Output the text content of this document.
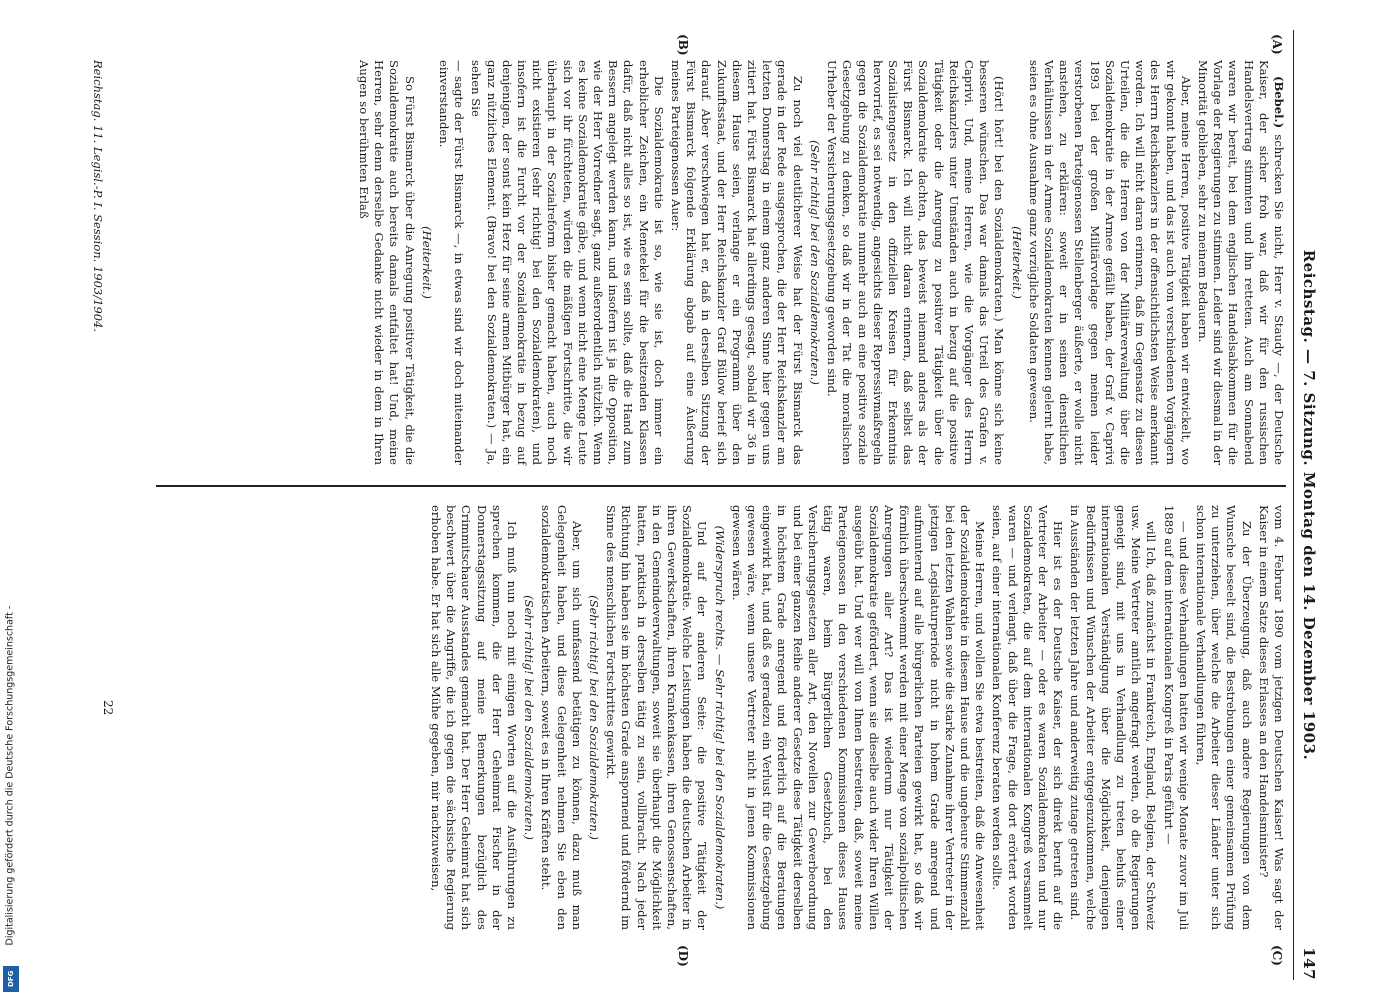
Digitalisierung gefördert durch die Deutsche Forschungsgemeinschaft -
DFG
Reichstag. — 7. Sitzung. Montag den 14. Dezember 1903.
147
(A)
(B)
(C)
(D)

(Bebel.) schrecken Sie nicht, Herr v. Staudy —, der Deutsche Kaiser, der sicher froh war, daß wir für den russischen Handelsvertrag stimmten und ihn retteten. Auch am Sonnabend waren wir bereit, bei dem englischen Handelsabkommen für die Vorlage der Regierungen zu stimmen. Leider sind wir diesmal in der Minorität geblieben, sehr zu meinem Bedauern.

Aber, meine Herren, positive Tätigkeit haben wir entwickelt, wo wir gekonnt haben, und das ist auch von verschiedenen Vorgängern des Herrn Reichskanzlers in der offensichtlichsten Weise anerkannt worden. Ich will nicht daran erinnern, daß im Gegensatz zu diesen Urteilen, die die Herren von der Militärverwaltung über die Sozialdemokratie in der Armee gefällt haben, der Graf v. Caprivi 1893 bei der großen Militärvorlage gegen meinen leider verstorbenen Parteigenossen Stellenberger äußerte, er wolle nicht anstehen, zu erklären: soweit er in seinen dienstlichen Verhältnissen in der Armee Sozialdemokraten kennen gelernt habe, seien es ohne Ausnahme ganz vorzügliche Soldaten gewesen.

(Heiterkeit.)

(Hört! hört! bei den Sozialdemokraten.) Man könne sich keine besseren wünschen. Das war damals das Urteil des Grafen v. Caprivi. Und, meine Herren, wie die Vorgänger des Herrn Reichskanzlers unter Umständen auch in bezug auf die positive Tätigkeit oder die Anregung zu positiver Tätigkeit über die Sozialdemokratie dachten, das beweist niemand anders als der Fürst Bismarck. Ich will nicht daran erinnern, daß selbst das Sozialistengesetz in den offiziellen Kreisen für Erkenntnis hervorrief, es sei notwendig, angesichts dieser Repressivmaßregeln gegen die Sozialdemokratie nunmehr auch an eine positive soziale Gesetzgebung zu denken, so daß wir in der Tat die moralischen Urheber der Versicherungsgesetzgebung geworden sind.

(Sehr richtig! bei den Sozialdemokraten.)

Zu noch viel deutlicherer Weise hat der Fürst Bismarck das gerade in der Rede ausgesprochen, die der Herr Reichskanzler am letzten Donnerstag in einem ganz anderen Sinne hier gegen uns zitiert hat. Fürst Bismarck hat allerdings gesagt, sobald wir 36 in diesem Hause seien, verlange er ein Programm über den Zukunftsstaat, und der Herr Reichskanzler Graf Bülow berief sich darauf. Aber verschwiegen hat er, daß in derselben Sitzung der Fürst Bismarck folgende Erklärung abgab auf eine Äußerung meines Parteigenossen Auer:

Die Sozialdemokratie ist so, wie sie ist, doch immer ein erheblicher Zeichen, ein Menetekel für die besitzenden Klassen dafür, daß nicht alles so ist, wie es sein sollte, daß die Hand zum Bessern angelegt werden kann, und insofern ist ja die Opposition, wie der Herr Vorredner sagt, ganz außerordentlich nützlich. Wenn es keine Sozialdemokratie gäbe, und wenn nicht eine Menge Leute sich vor ihr fürchteten, würden die mäßigen Fortschritte, die wir überhaupt in der Sozialreform bisher gemacht haben, auch noch nicht existieren (sehr richtig! bei den Sozialdemokraten), und insofern ist die Furcht vor der Sozialdemokratie in bezug auf denjenigen, der sonst kein Herz für seine armen Mitbürger hat, ein ganz nützliches Element. (Bravo! bei den Sozialdemokraten.) — Ja, sehen Sie

— sagte der Fürst Bismarck —, in etwas sind wir doch miteinander einverstanden.

(Heiterkeit.)

So Fürst Bismarck über die Anregung positiver Tätigkeit, die die Sozialdemokratie auch bereits damals entfaltet hat! Und, meine Herren, sehr denn derselbe Gedanke nicht wieder in dem in Ihren Augen so berühmten Erlaß

vom 4. Februar 1890 vom jetzigen Deutschen Kaiser! Was sagt der Kaiser in einem Satze dieses Erlasses an den Handelsminister?

Zu der Überzeugung, daß auch andere Regierungen von dem Wunsche beseelt sind, die Bestrebungen einer gemeinsamen Prüfung zu unterziehen, über welche die Arbeiter dieser Länder unter sich schon internationale Verhandlungen führen,

— und diese Verhandlungen hatten wir wenige Monate zuvor im Juli 1889 auf dem internationalen Kongreß in Paris geführt —

will Ich, daß zunächst in Frankreich, England, Belgien, der Schweiz usw. Meine Vertreter amtlich angefragt werden, ob die Regierungen geneigt sind, mit uns in Verhandlung zu treten behufs einer internationalen Verständigung über die Möglichkeit, denjenigen Bedürfnissen und Wünschen der Arbeiter entgegenzukommen, welche in Ausständen der letzten Jahre und anderweitig zutage getreten sind.

Hier ist es der Deutsche Kaiser, der sich direkt beruft auf die Vertreter der Arbeiter — oder es waren Sozialdemokraten und nur Sozialdemokraten, die auf dem internationalen Kongreß versammelt waren — und verlangt, daß über die Frage, die dort erörtert worden seien, auf einer internationalen Konferenz beraten werden sollte.

Meine Herren, und wollen Sie etwa bestreiten, daß die Anwesenheit der Sozialdemokratie in diesem Hause und die ungeheure Stimmenzahl bei den letzten Wahlen sowie die starke Zunahme ihrer Vertreter in der jetzigen Legislaturperiode nicht in hohem Grade anregend und aufmunternd auf alle bürgerlichen Parteien gewirkt hat, so daß wir förmlich überschwemmt werden mit einer Menge von sozialpolitischen Anregungen aller Art? Das ist wiederum nur Tätigkeit der Sozialdemokratie gefördert, wenn sie dieselbe auch wider Ihren Willen ausgeübt hat. Und wer will von Ihnen bestreiten, daß, soweit meine Parteigenossen in den verschiedenen Kommissionen dieses Hauses tätig waren, beim Bürgerlichen Gesetzbuch, bei den Versicherungsgesetzen aller Art, den Novellen zur Gewerbeordnung und bei einer ganzen Reihe anderer Gesetze diese Tätigkeit derselben in höchstem Grade anregend und förderlich auf die Beratungen eingewirkt hat, und daß es geradezu ein Verlust für die Gesetzgebung gewesen wäre, wenn unsere Vertreter nicht in jenen Kommissionen gewesen wären.

(Widerspruch rechts. — Sehr richtig! bei den Sozialdemokraten.)

Und auf der anderen Seite: die positive Tätigkeit der Sozialdemokratie. Welche Leistungen haben die deutschen Arbeiter in ihren Gewerkschaften, ihren Krankenkassen, ihren Genossenschaften, in den Gemeindeverwaltungen, soweit sie überhaupt die Möglichkeit hatten, praktisch in derselben tätig zu sein, vollbracht. Nach jeder Richtung hin haben sie im höchsten Grade anspornend und fördernd im Sinne des menschlichen Fortschrittes gewirkt.

(Sehr richtig! bei den Sozialdemokraten.)

Aber, um sich umfassend betätigen zu können, dazu muß man Gelegenheit haben, und diese Gelegenheit nehmen Sie eben den sozialdemokratischen Arbeitern, soweit es in Ihren Kräften steht.

(Sehr richtig! bei den Sozialdemokraten.)

Ich muß nun noch mit einigen Worten auf die Ausführungen zu sprechen kommen, die der Herr Geheimrat Fischer in der Donnerstagssitzung auf meine Bemerkungen bezüglich des Crimmitschauer Ausstandes gemacht hat. Der Herr Geheimrat hat sich beschwert über die Angriffe, die ich gegen die sächsische Regierung erhoben habe. Er hat sich alle Mühe gegeben, mir nachzuweisen,

Reichstag. 11. Legisl.-P. I. Session. 1903/1904.
22
